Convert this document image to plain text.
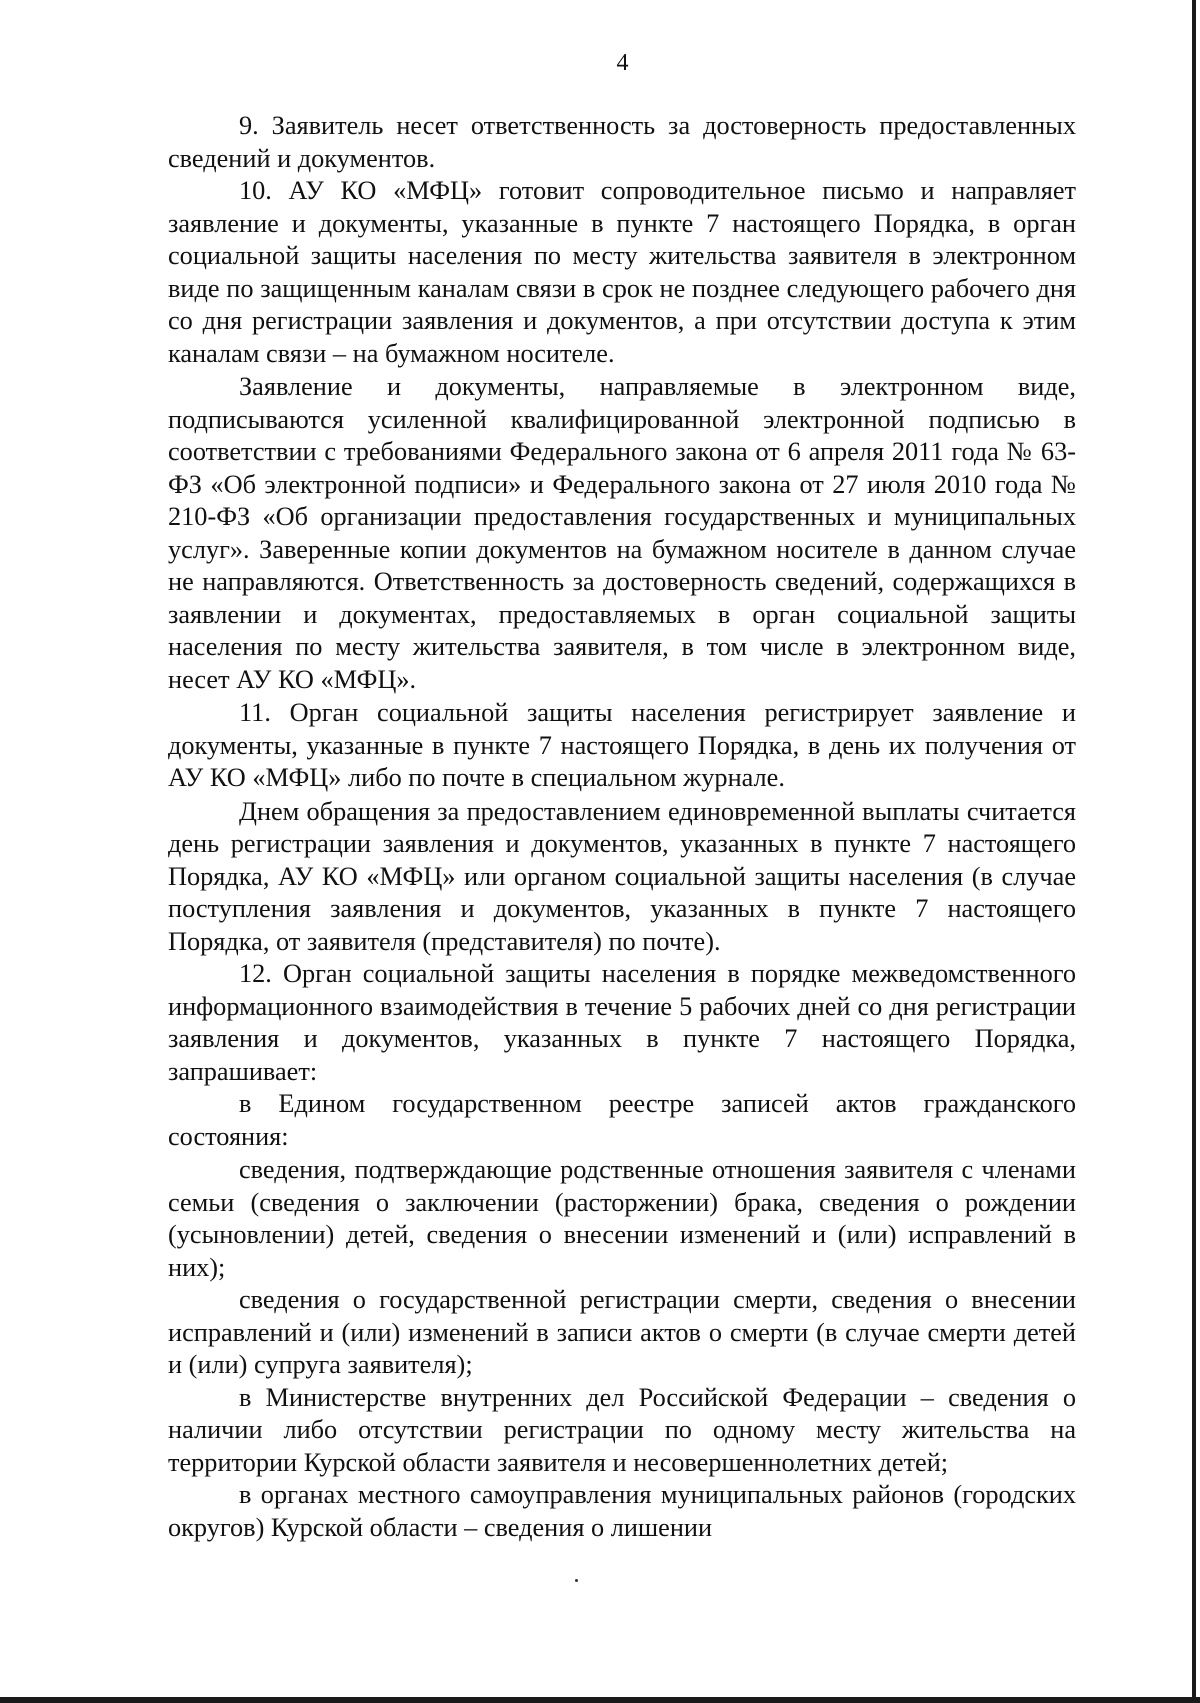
4

9. Заявитель несет ответственность за достоверность предоставленных сведений и документов.

10. АУ КО «МФЦ» готовит сопроводительное письмо и направляет заявление и документы, указанные в пункте 7 настоящего Порядка, в орган социальной защиты населения по месту жительства заявителя в электронном виде по защищенным каналам связи в срок не позднее следующего рабочего дня со дня регистрации заявления и документов, а при отсутствии доступа к этим каналам связи – на бумажном носителе.

Заявление и документы, направляемые в электронном виде, подписываются усиленной квалифицированной электронной подписью в соответствии с требованиями Федерального закона от 6 апреля 2011 года № 63-ФЗ «Об электронной подписи» и Федерального закона от 27 июля 2010 года № 210-ФЗ «Об организации предоставления государственных и муниципальных услуг». Заверенные копии документов на бумажном носителе в данном случае не направляются. Ответственность за достоверность сведений, содержащихся в заявлении и документах, предоставляемых в орган социальной защиты населения по месту жительства заявителя, в том числе в электронном виде, несет АУ КО «МФЦ».

11. Орган социальной защиты населения регистрирует заявление и документы, указанные в пункте 7 настоящего Порядка, в день их получения от АУ КО «МФЦ» либо по почте в специальном журнале.

Днем обращения за предоставлением единовременной выплаты считается день регистрации заявления и документов, указанных в пункте 7 настоящего Порядка, АУ КО «МФЦ» или органом социальной защиты населения (в случае поступления заявления и документов, указанных в пункте 7 настоящего Порядка, от заявителя (представителя) по почте).

12. Орган социальной защиты населения в порядке межведомственного информационного взаимодействия в течение 5 рабочих дней со дня регистрации заявления и документов, указанных в пункте 7 настоящего Порядка, запрашивает:

в Едином государственном реестре записей актов гражданского состояния:

сведения, подтверждающие родственные отношения заявителя с членами семьи (сведения о заключении (расторжении) брака, сведения о рождении (усыновлении) детей, сведения о внесении изменений и (или) исправлений в них);

сведения о государственной регистрации смерти, сведения о внесении исправлений и (или) изменений в записи актов о смерти (в случае смерти детей и (или) супруга заявителя);

в Министерстве внутренних дел Российской Федерации – сведения о наличии либо отсутствии регистрации по одному месту жительства на территории Курской области заявителя и несовершеннолетних детей;

в органах местного самоуправления муниципальных районов (городских округов) Курской области – сведения о лишении
